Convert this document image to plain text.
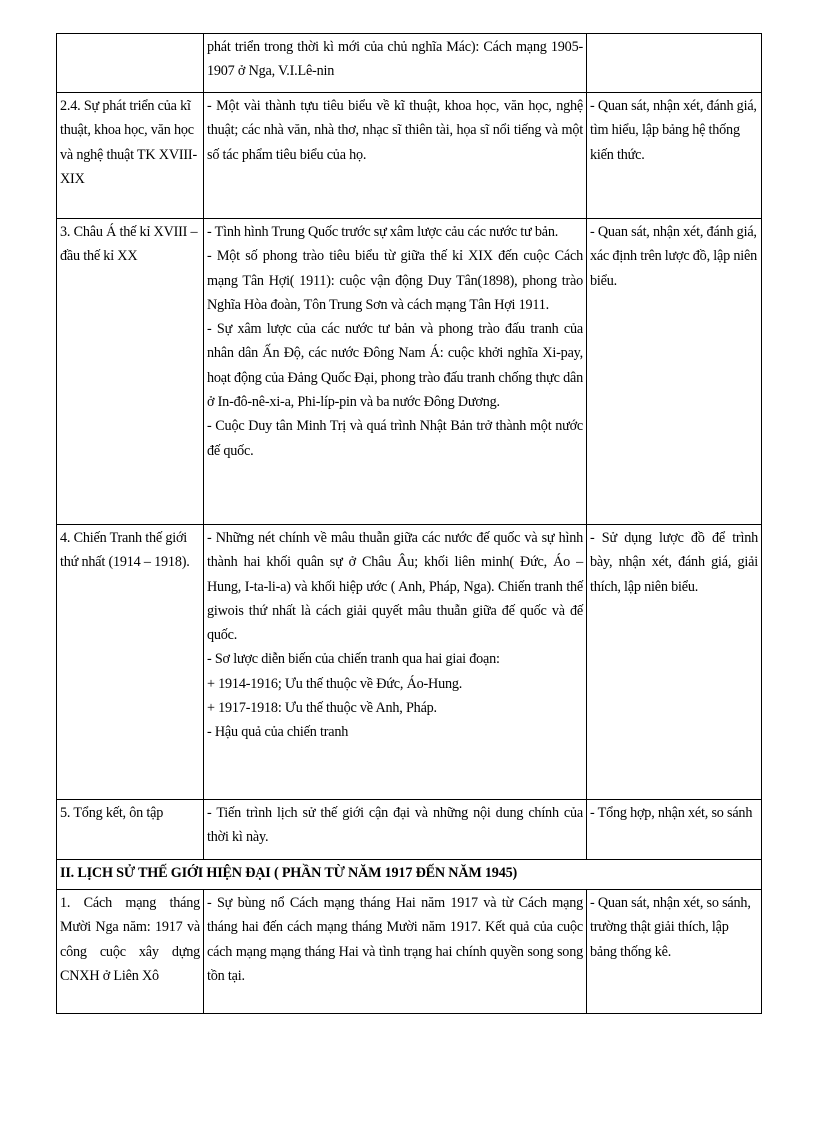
	phát triển trong thời kì mới của chủ nghĩa Mác): Cách mạng 1905-1907 ở Nga, V.I.Lê-nin	

2.4. Sự phát triển của kĩ thuật, khoa học, văn học và nghệ thuật TK XVIII-XIX	- Một vài thành tựu tiêu biểu về kĩ thuật, khoa học, văn học, nghệ thuật; các nhà văn, nhà thơ, nhạc sĩ thiên tài, họa sĩ nổi tiếng và một số tác phẩm tiêu biểu của họ.	- Quan sát, nhận xét, đánh giá, tìm hiểu, lập bảng hệ thống kiến thức.
3. Châu Á thế kỉ XVIII – đầu thế kỉ XX	- Tình hình Trung Quốc trước sự xâm lược cảu các nước tư bản.
- Một số phong trào tiêu biểu từ giữa thế kỉ XIX đến cuộc Cách mạng Tân Hợi( 1911): cuộc vận động Duy Tân(1898), phong trào Nghĩa Hòa đoàn, Tôn Trung Sơn và cách mạng Tân Hợi 1911.
- Sự xâm lược của các nước tư bản và phong trào đấu tranh của nhân dân Ấn Độ, các nước Đông Nam Á: cuộc khởi nghĩa Xi-pay, hoạt động của Đảng Quốc Đại, phong trào đấu tranh chống thực dân ở In-đô-nê-xi-a, Phi-líp-pin và ba nước Đông Dương.
- Cuộc Duy tân Minh Trị và quá trình Nhật Bản trở thành một nước đế quốc.	- Quan sát, nhận xét, đánh giá, xác định trên lược đồ, lập niên biểu.
4. Chiến Tranh thế giới thứ nhất (1914 – 1918).	- Những nét chính về mâu thuẫn giữa các nước đế quốc và sự hình thành hai khối quân sự ở Châu Âu; khối liên minh( Đức, Áo – Hung, I-ta-li-a) và khối hiệp ước ( Anh, Pháp, Nga). Chiến tranh thế giwois thứ nhất là cách giải quyết mâu thuẫn giữa đế quốc và đế quốc.
- Sơ lược diễn biến của chiến tranh qua hai giai đoạn:
+ 1914-1916; Ưu thế thuộc về Đức, Áo-Hung.
+ 1917-1918: Ưu thế thuộc về Anh, Pháp.
- Hậu quả của chiến tranh	- Sử dụng lược đồ để trình bày, nhận xét, đánh giá, giải thích, lập niên biểu.
5. Tổng kết, ôn tập	- Tiến trình lịch sử thế giới cận đại và những nội dung chính của thời kì này.	- Tổng hợp, nhận xét, so sánh
II. LỊCH SỬ THẾ GIỚI HIỆN ĐẠI ( PHẦN TỪ NĂM 1917 ĐẾN NĂM 1945)		
1. Cách mạng tháng Mười Nga năm: 1917 và công cuộc xây dựng CNXH ở Liên Xô	- Sự bùng nổ Cách mạng tháng Hai năm 1917 và từ Cách mạng tháng hai đến cách mạng tháng Mười năm 1917. Kết quả của cuộc cách mạng mạng tháng Hai và tình trạng hai chính quyền song song tồn tại.	- Quan sát, nhận xét, so sánh, trường thật giải thích, lập bảng thống kê.
